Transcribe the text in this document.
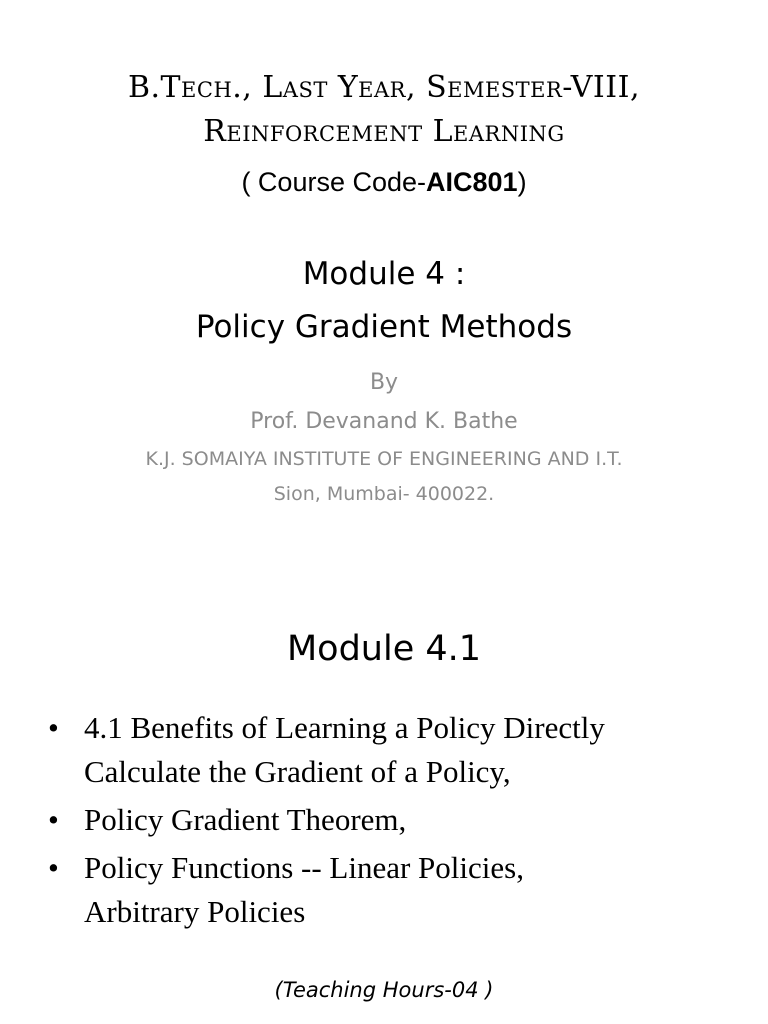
B.Tech., Last Year, Semester-VIII,
Reinforcement Learning
( Course Code-AIC801)
Module 4 :
Policy Gradient Methods
By
Prof. Devanand K. Bathe
K.J. SOMAIYA INSTITUTE OF ENGINEERING AND I.T.
Sion, Mumbai- 400022.
Module 4.1
• 4.1 Benefits of Learning a Policy Directly
Calculate the Gradient of a Policy,
• Policy Gradient Theorem,
• Policy Functions -- Linear Policies,
Arbitrary Policies
(Teaching Hours-04 )
